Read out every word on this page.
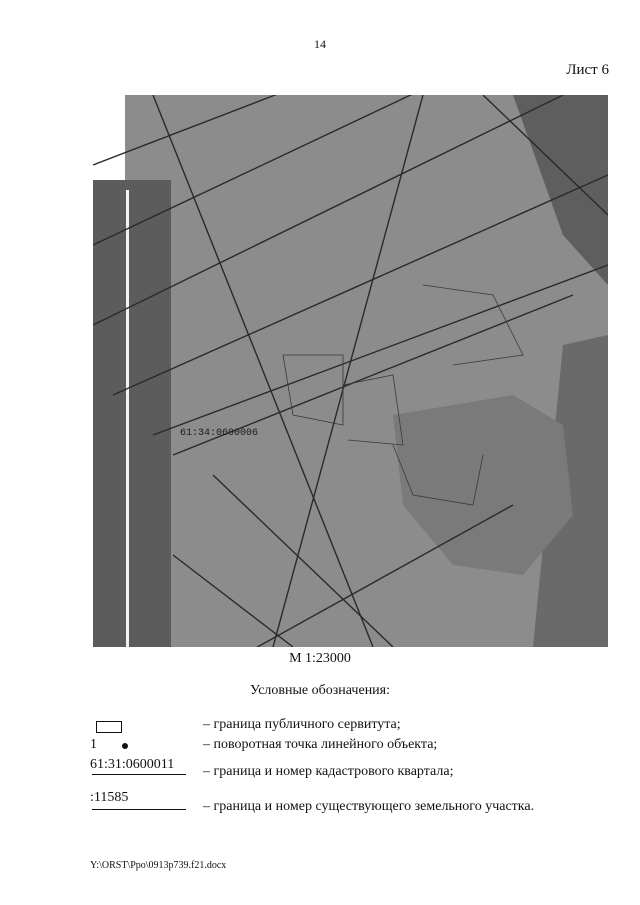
14
Лист 6
61:34:0600006
М 1:23000
Условные обозначения:
– граница публичного сервитута;
1	– поворотная точка линейного объекта;
61:31:0600011 – граница и номер кадастрового квартала;
:11585
– граница и номер существующего земельного участка.
Y:\ORST\Ppo\0913p739.f21.docx
